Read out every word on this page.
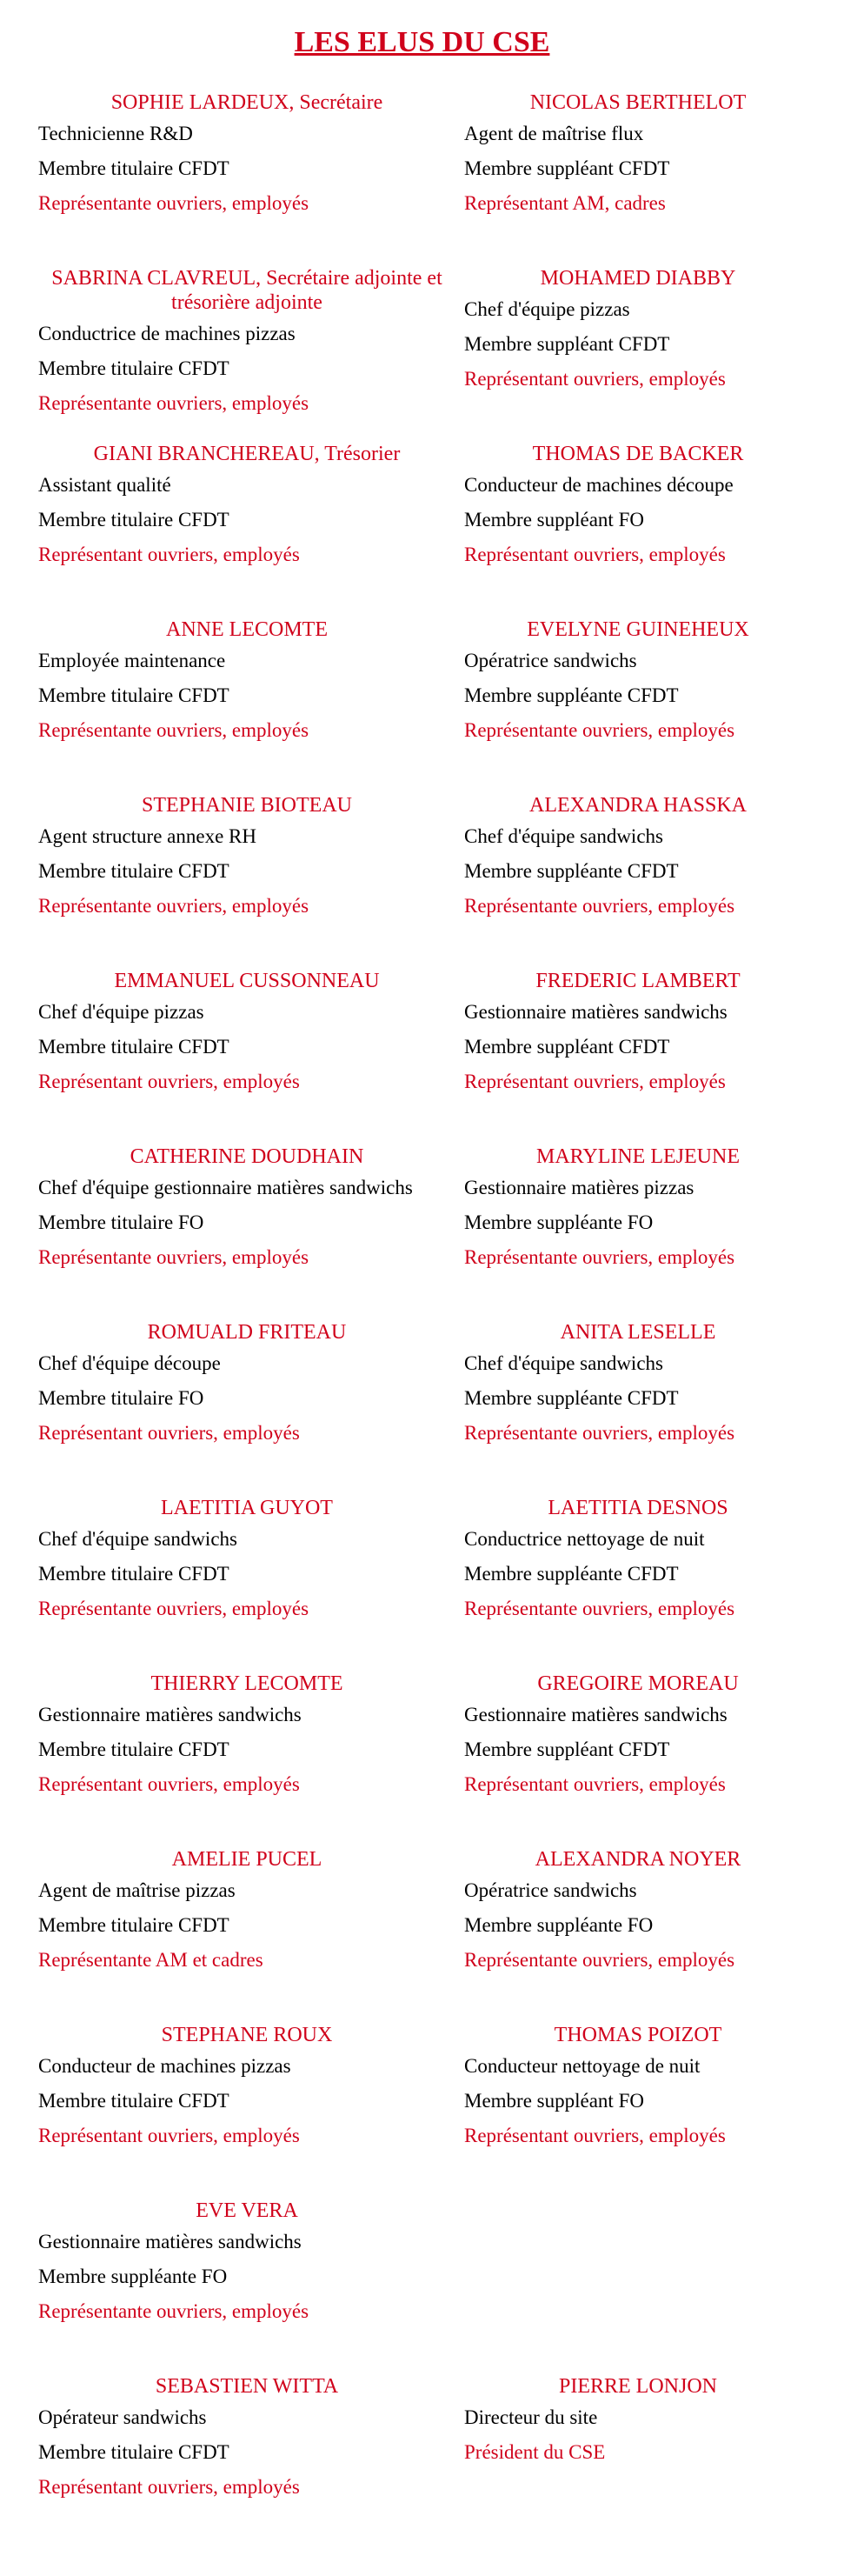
LES ELUS DU CSE

SOPHIE LARDEUX, Secrétaire

Technicienne R&D

Membre titulaire CFDT

Représentante ouvriers, employés

NICOLAS BERTHELOT

Agent de maîtrise flux

Membre suppléant CFDT

Représentant AM, cadres

SABRINA CLAVREUL, Secrétaire adjointe et trésorière adjointe

Conductrice de machines pizzas

Membre titulaire CFDT

Représentante ouvriers, employés

MOHAMED DIABBY

Chef d'équipe pizzas

Membre suppléant CFDT

Représentant ouvriers, employés

GIANI BRANCHEREAU, Trésorier

Assistant qualité

Membre titulaire CFDT

Représentant ouvriers, employés

THOMAS DE BACKER

Conducteur de machines découpe

Membre suppléant FO

Représentant ouvriers, employés

ANNE LECOMTE

Employée maintenance

Membre titulaire CFDT

Représentante ouvriers, employés

EVELYNE GUINEHEUX

Opératrice sandwichs

Membre suppléante CFDT

Représentante ouvriers, employés

STEPHANIE BIOTEAU

Agent structure annexe RH

Membre titulaire CFDT

Représentante ouvriers, employés

ALEXANDRA HASSKA

Chef d'équipe sandwichs

Membre suppléante CFDT

Représentante ouvriers, employés

EMMANUEL CUSSONNEAU

Chef d'équipe pizzas

Membre titulaire CFDT

Représentant ouvriers, employés

FREDERIC LAMBERT

Gestionnaire matières sandwichs

Membre suppléant CFDT

Représentant ouvriers, employés

CATHERINE DOUDHAIN

Chef d'équipe gestionnaire matières sandwichs

Membre titulaire FO

Représentante ouvriers, employés

MARYLINE LEJEUNE

Gestionnaire matières pizzas

Membre suppléante FO

Représentante ouvriers, employés

ROMUALD FRITEAU

Chef d'équipe découpe

Membre titulaire FO

Représentant ouvriers, employés

ANITA LESELLE

Chef d'équipe sandwichs

Membre suppléante CFDT

Représentante ouvriers, employés

LAETITIA GUYOT

Chef d'équipe sandwichs

Membre titulaire CFDT

Représentante ouvriers, employés

LAETITIA DESNOS

Conductrice nettoyage de nuit

Membre suppléante CFDT

Représentante ouvriers, employés

THIERRY LECOMTE

Gestionnaire matières sandwichs

Membre titulaire CFDT

Représentant ouvriers, employés

GREGOIRE MOREAU

Gestionnaire matières sandwichs

Membre suppléant CFDT

Représentant ouvriers, employés

AMELIE PUCEL

Agent de maîtrise pizzas

Membre titulaire CFDT

Représentante AM et cadres

ALEXANDRA NOYER

Opératrice sandwichs

Membre suppléante FO

Représentante ouvriers, employés

STEPHANE ROUX

Conducteur de machines pizzas

Membre titulaire CFDT

Représentant ouvriers, employés

THOMAS POIZOT

Conducteur nettoyage de nuit

Membre suppléant FO

Représentant ouvriers, employés

EVE VERA

Gestionnaire matières sandwichs

Membre suppléante FO

Représentante ouvriers, employés

SEBASTIEN WITTA

Opérateur sandwichs

Membre titulaire CFDT

Représentant ouvriers, employés

PIERRE LONJON

Directeur du site

Président du CSE
